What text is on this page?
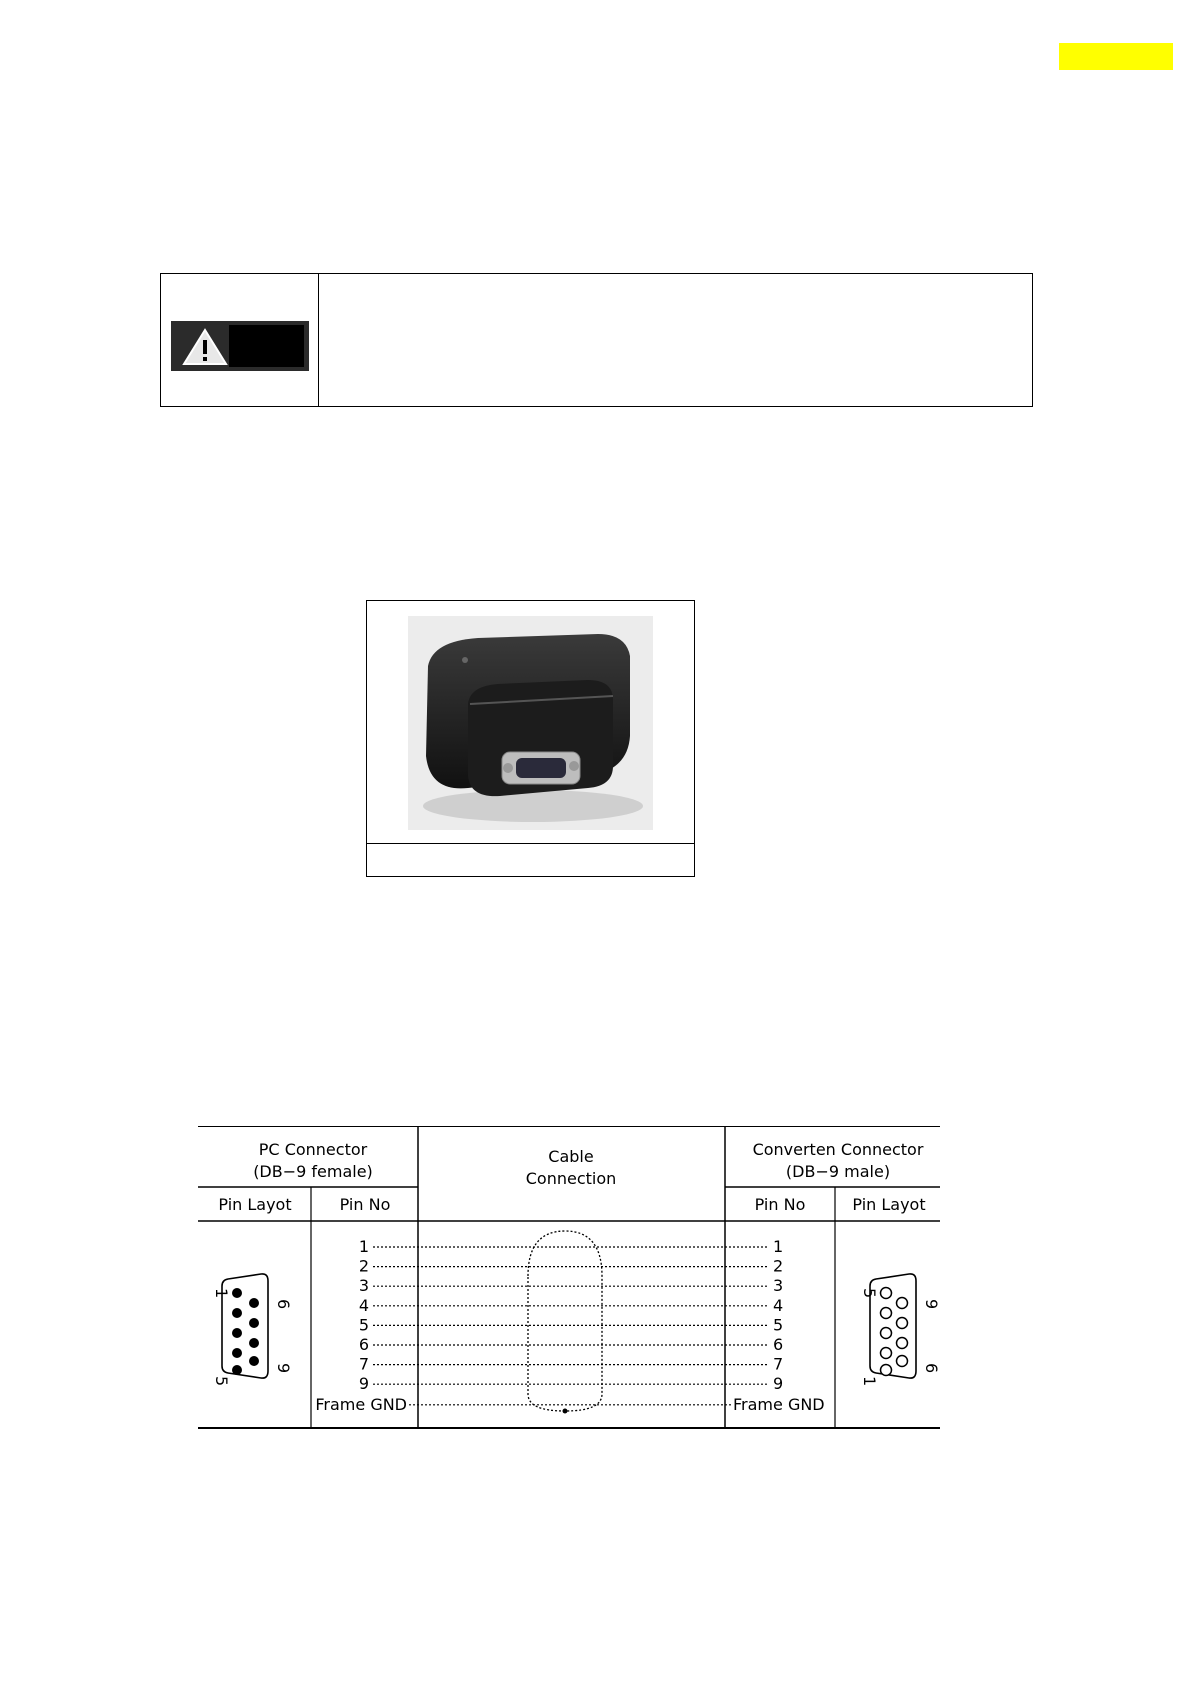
PC Connector
(DB−9 female)
Pin Layot	Pin No
Cable
Connection
Converten Connector
(DB−9 male)
Pin No	Pin Layot
1
2
3
4
5
6
7
9
Frame GND
1
2
3
4
5
6
7
9
Frame GND
1
5
6
9
5
1
9
6
